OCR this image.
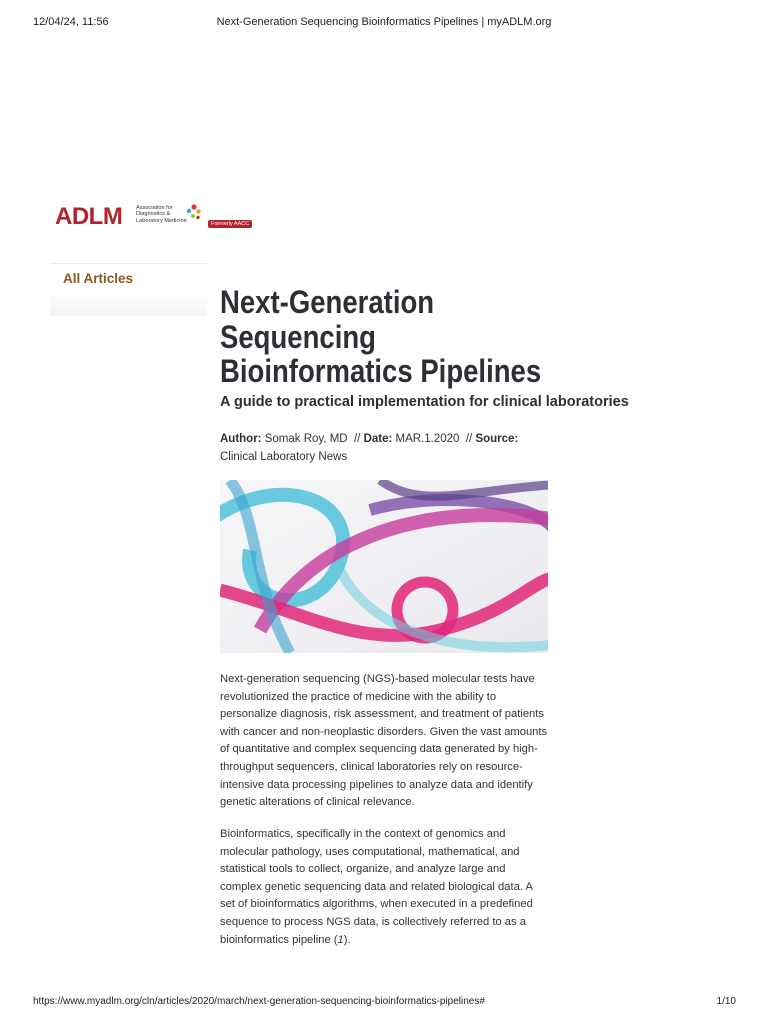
12/04/24, 11:56	Next-Generation Sequencing Bioinformatics Pipelines | myADLM.org
ADLM Association for
Diagnostics &
Laboratory Medicine
Formerly AACC
All Articles
Next-Generation
Sequencing
Bioinformatics Pipelines
A guide to practical implementation for clinical laboratories
Author: Somak Roy, MD // Date: MAR.1.2020 // Source:
Clinical Laboratory News

Next-generation sequencing (NGS)-based molecular tests have revolutionized the practice of medicine with the ability to personalize diagnosis, risk assessment, and treatment of patients with cancer and non-neoplastic disorders. Given the vast amounts of quantitative and complex sequencing data generated by high-throughput sequencers, clinical laboratories rely on resource-intensive data processing pipelines to analyze data and identify genetic alterations of clinical relevance.

Bioinformatics, specifically in the context of genomics and molecular pathology, uses computational, mathematical, and statistical tools to collect, organize, and analyze large and complex genetic sequencing data and related biological data. A set of bioinformatics algorithms, when executed in a predefined sequence to process NGS data, is collectively referred to as a bioinformatics pipeline (1).

https://www.myadlm.org/cln/articles/2020/march/next-generation-sequencing-bioinformatics-pipelines#	1/10
